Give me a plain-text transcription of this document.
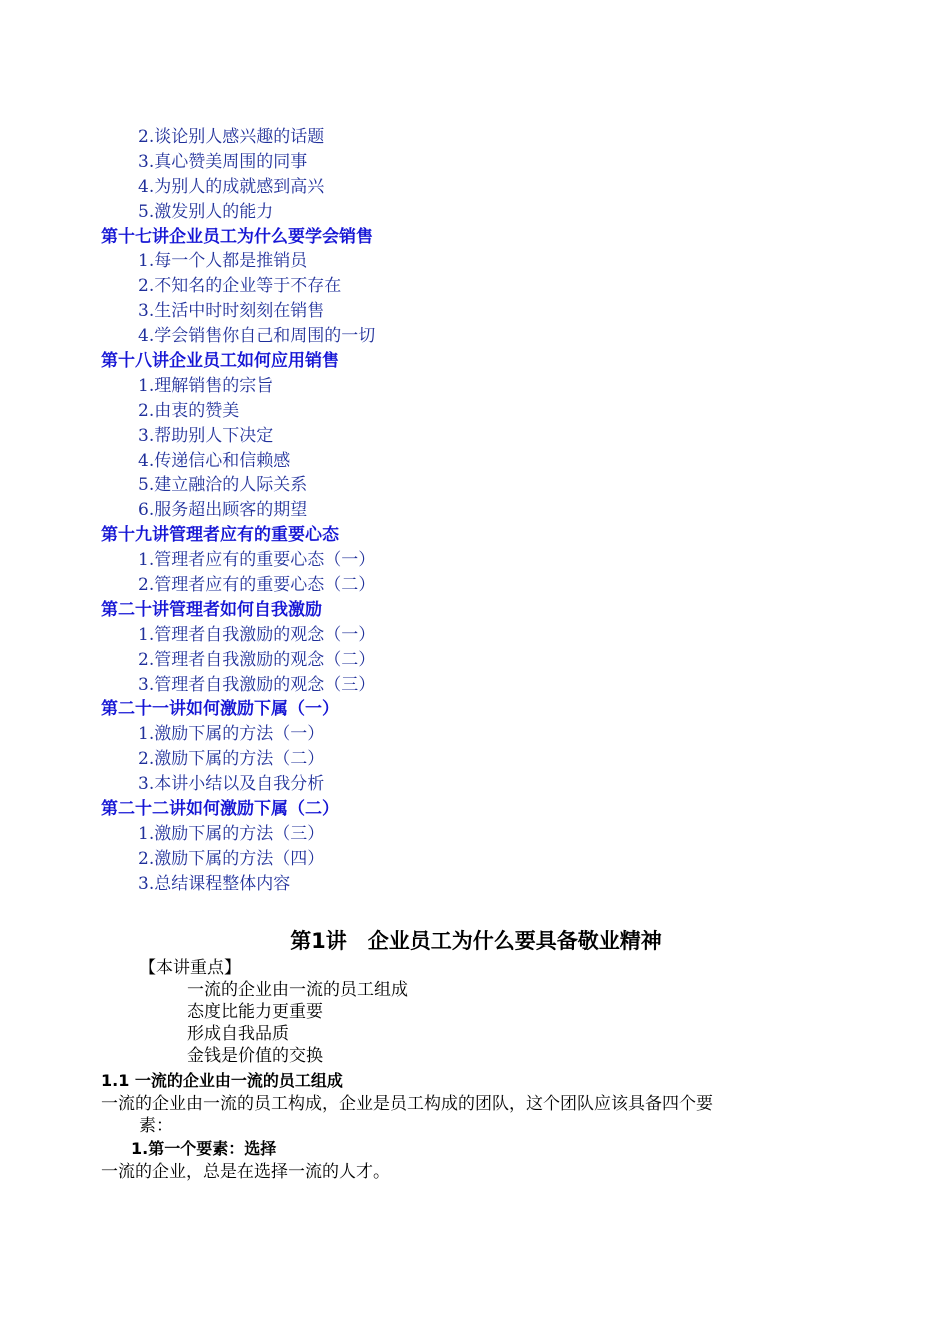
2.谈论别人感兴趣的话题
3.真心赞美周围的同事
4.为别人的成就感到高兴
5.激发别人的能力
第十七讲企业员工为什么要学会销售
1.每一个人都是推销员
2.不知名的企业等于不存在
3.生活中时时刻刻在销售
4.学会销售你自己和周围的一切
第十八讲企业员工如何应用销售
1.理解销售的宗旨
2.由衷的赞美
3.帮助别人下决定
4.传递信心和信赖感
5.建立融洽的人际关系
6.服务超出顾客的期望
第十九讲管理者应有的重要心态
1.管理者应有的重要心态（一）
2.管理者应有的重要心态（二）
第二十讲管理者如何自我激励
1.管理者自我激励的观念（一）
2.管理者自我激励的观念（二）
3.管理者自我激励的观念（三）
第二十一讲如何激励下属（一）
1.激励下属的方法（一）
2.激励下属的方法（二）
3.本讲小结以及自我分析
第二十二讲如何激励下属（二）
1.激励下属的方法（三）
2.激励下属的方法（四）
3.总结课程整体内容
第1讲　企业员工为什么要具备敬业精神
【本讲重点】
一流的企业由一流的员工组成
态度比能力更重要
形成自我品质
金钱是价值的交换
1.1 一流的企业由一流的员工组成
一流的企业由一流的员工构成，企业是员工构成的团队，这个团队应该具备四个要
素：
1.第一个要素：选择
一流的企业，总是在选择一流的人才。
